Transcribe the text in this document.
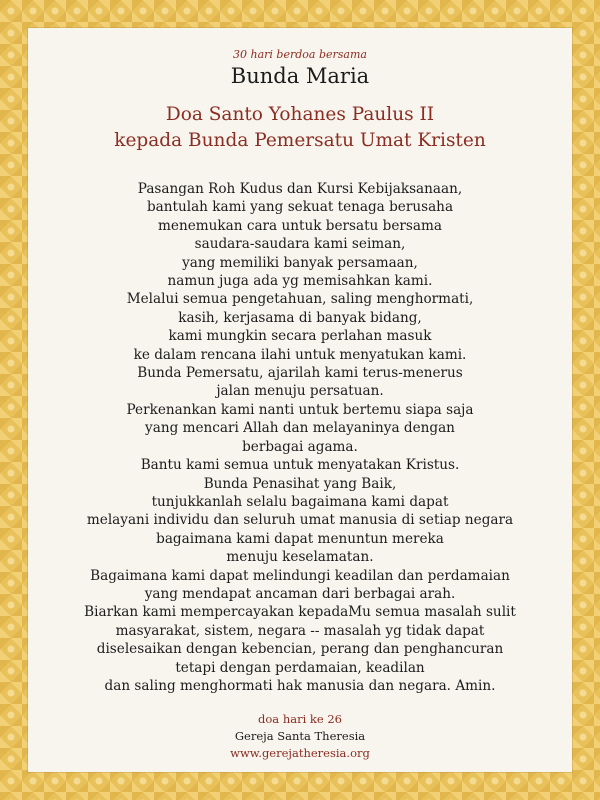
30 hari berdoa bersama
Bunda Maria
Doa Santo Yohanes Paulus II
kepada Bunda Pemersatu Umat Kristen
Pasangan Roh Kudus dan Kursi Kebijaksanaan,
bantulah kami yang sekuat tenaga berusaha
menemukan cara untuk bersatu bersama
saudara-saudara kami seiman,
yang memiliki banyak persamaan,
namun juga ada yg memisahkan kami.
Melalui semua pengetahuan, saling menghormati,
kasih, kerjasama di banyak bidang,
kami mungkin secara perlahan masuk
ke dalam rencana ilahi untuk menyatukan kami.
Bunda Pemersatu, ajarilah kami terus-menerus
jalan menuju persatuan.
Perkenankan kami nanti untuk bertemu siapa saja
yang mencari Allah dan melayaninya dengan
berbagai agama.
Bantu kami semua untuk menyatakan Kristus.
Bunda Penasihat yang Baik,
tunjukkanlah selalu bagaimana kami dapat
melayani individu dan seluruh umat manusia di setiap negara
bagaimana kami dapat menuntun mereka
menuju keselamatan.
Bagaimana kami dapat melindungi keadilan dan perdamaian
yang mendapat ancaman dari berbagai arah.
Biarkan kami mempercayakan kepadaMu semua masalah sulit
masyarakat, sistem, negara -- masalah yg tidak dapat
diselesaikan dengan kebencian, perang dan penghancuran
tetapi dengan perdamaian, keadilan
dan saling menghormati hak manusia dan negara. Amin.
doa hari ke 26
Gereja Santa Theresia
www.gerejatheresia.org
